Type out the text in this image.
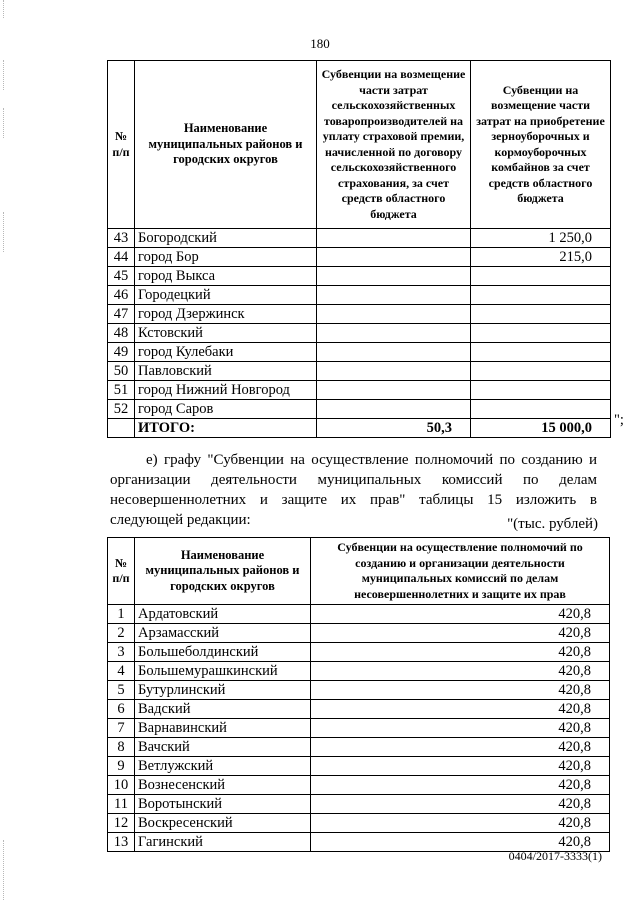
180
№ п/п	Наименование муниципальных районов и городских округов	Субвенции на возмещение части затрат сельскохозяйственных товаропроизводителей на уплату страховой премии, начисленной по договору сельскохозяйственного страхования, за счет средств областного бюджета	Субвенции на возмещение части затрат на приобретение зерноуборочных и кормоуборочных комбайнов за счет средств областного бюджета
43	Богородский		1 250,0
44	город Бор		215,0
45	город Выкса		
46	Городецкий		
47	город Дзержинск		
48	Кстовский		
49	город Кулебаки		
50	Павловский		
51	город Нижний Новгород		
52	город Саров		
	ИТОГО:	50,3	15 000,0 ";
е) графу "Субвенции на осуществление полномочий по созданию и
организации деятельности муниципальных комиссий по делам
несовершеннолетних и защите их прав" таблицы 15 изложить в
следующей редакции:	"(тыс. рублей)
№ п/п	Наименование муниципальных районов и городских округов	Субвенции на осуществление полномочий по созданию и организации деятельности муниципальных комиссий по делам несовершеннолетних и защите их прав
1	Ардатовский	420,8
2	Арзамасский	420,8
3	Большеболдинский	420,8
4	Большемурашкинский	420,8
5	Бутурлинский	420,8
6	Вадский	420,8
7	Варнавинский	420,8
8	Вачский	420,8
9	Ветлужский	420,8
10	Вознесенский	420,8
11	Воротынский	420,8
12	Воскресенский	420,8
13	Гагинский	420,8
0404/2017-3333(1)
